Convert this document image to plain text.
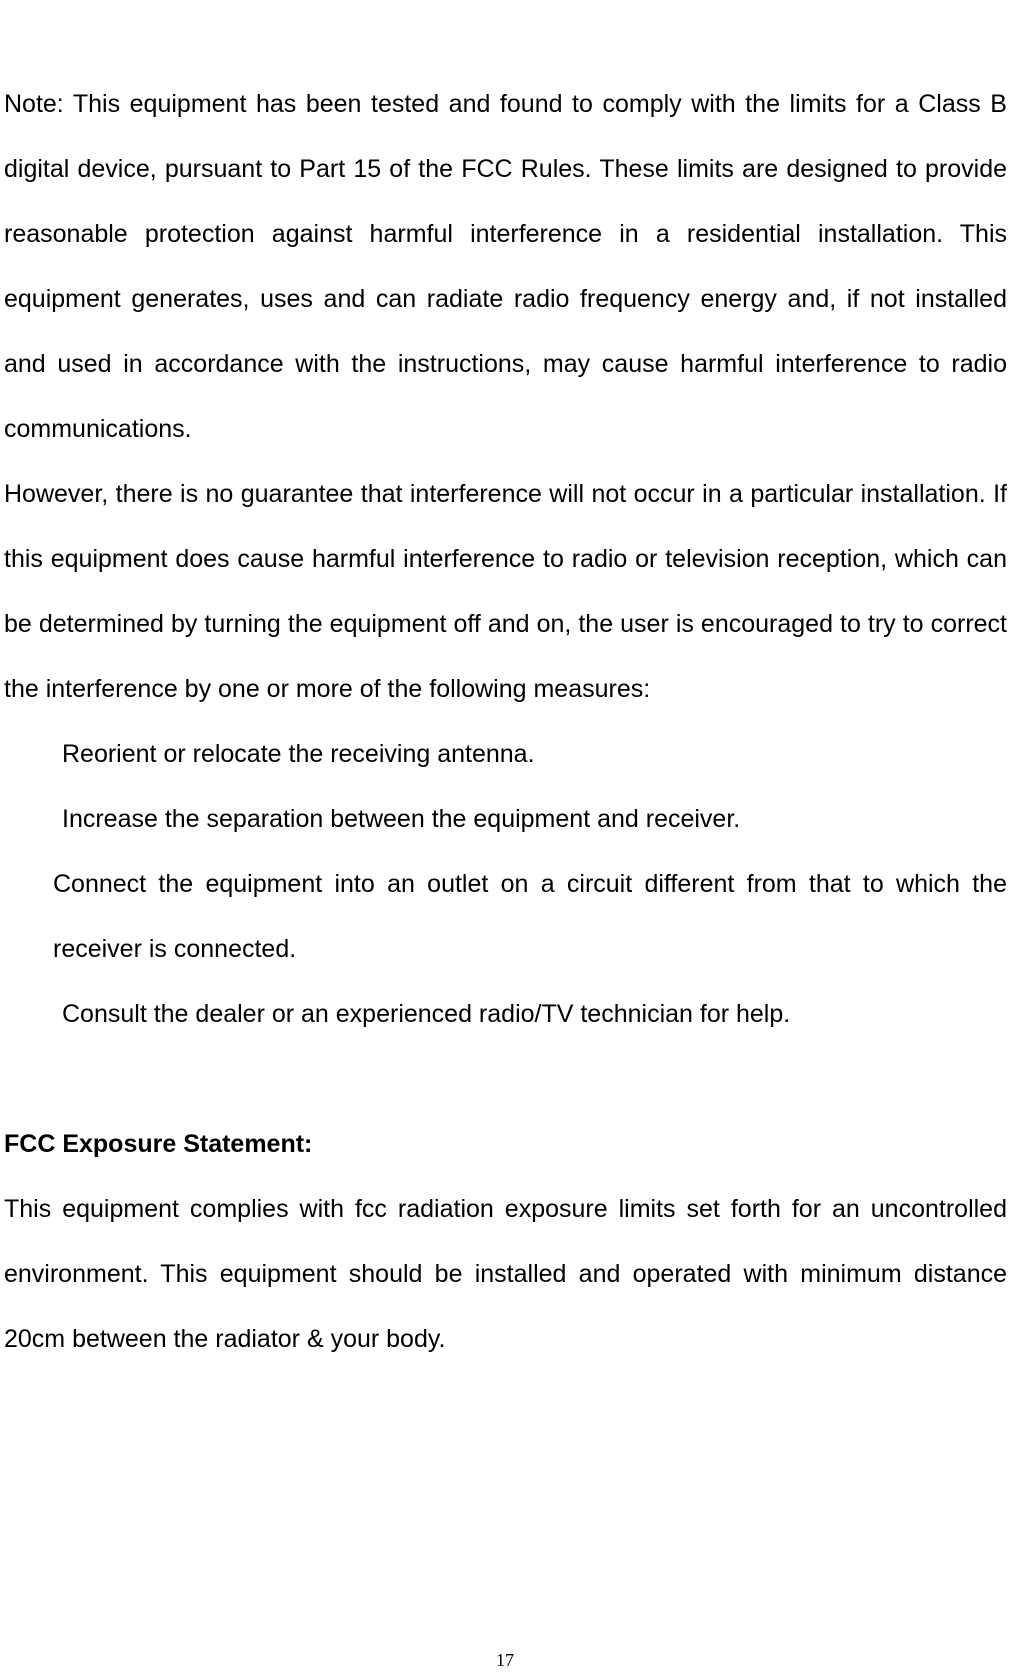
Note: This equipment has been tested and found to comply with the limits for a Class B digital device, pursuant to Part 15 of the FCC Rules. These limits are designed to provide reasonable protection against harmful interference in a residential installation. This equipment generates, uses and can radiate radio frequency energy and, if not installed and used in accordance with the instructions, may cause harmful interference to radio communications.

However, there is no guarantee that interference will not occur in a particular installation. If this equipment does cause harmful interference to radio or television reception, which can be determined by turning the equipment off and on, the user is encouraged to try to correct the interference by one or more of the following measures:

Reorient or relocate the receiving antenna.
Increase the separation between the equipment and receiver.
Connect the equipment into an outlet on a circuit different from that to which the receiver is connected.
Consult the dealer or an experienced radio/TV technician for help.
FCC Exposure Statement:

This equipment complies with fcc radiation exposure limits set forth for an uncontrolled environment. This equipment should be installed and operated with minimum distance 20cm between the radiator & your body.

17
